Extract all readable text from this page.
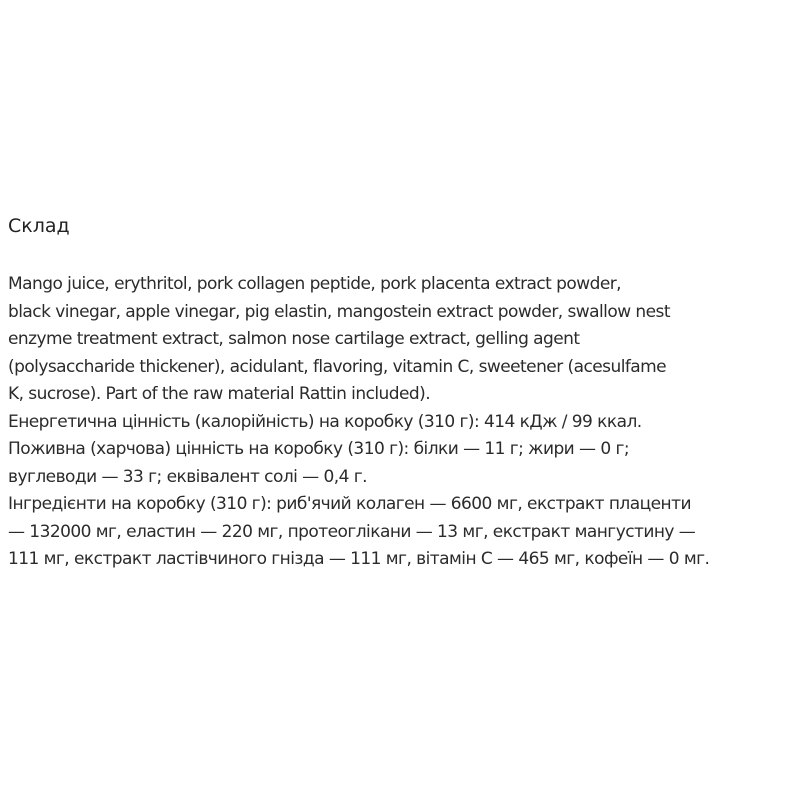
Склад
Mango juice, erythritol, pork collagen peptide, pork placenta extract powder,
black vinegar, apple vinegar, pig elastin, mangostein extract powder, swallow nest
enzyme treatment extract, salmon nose cartilage extract, gelling agent
(polysaccharide thickener), acidulant, flavoring, vitamin C, sweetener (acesulfame
K, sucrose). Part of the raw material Rattin included).
Енергетична цінність (калорійність) на коробку (310 г): 414 кДж / 99 ккал.
Поживна (харчова) цінність на коробку (310 г): білки — 11 г; жири — 0 г;
вуглеводи — 33 г; еквівалент солі — 0,4 г.
Інгредієнти на коробку (310 г): риб'ячий колаген — 6600 мг, екстракт плаценти
— 132000 мг, еластин — 220 мг, протеоглікани — 13 мг, екстракт мангустину —
111 мг, екстракт ластівчиного гнізда — 111 мг, вітамін С — 465 мг, кофеїн — 0 мг.
